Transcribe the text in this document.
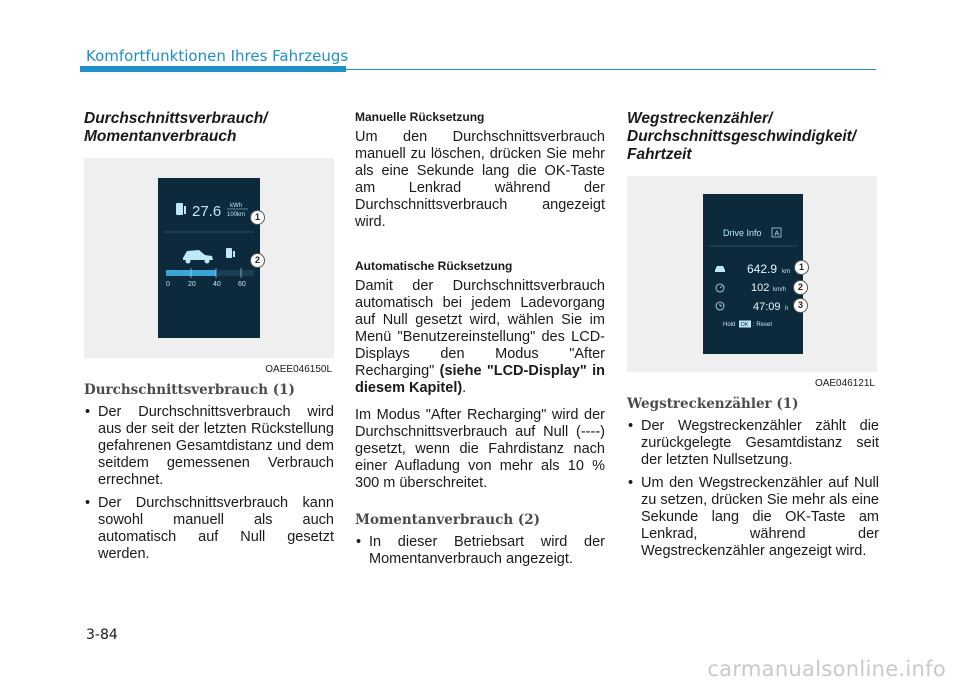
Komfortfunktionen Ihres Fahrzeugs
Durchschnittsverbrauch/
Momentanverbrauch
27.6 kWh
100km
0	20 40 60
1
2
OAEE046150L
Durchschnittsverbrauch (1)
• Der Durchschnittsverbrauch wird aus der seit der letzten Rückstellung gefahrenen Gesamtdistanz und dem seitdem gemessenen Verbrauch errechnet.
• Der Durchschnittsverbrauch kann sowohl manuell als auch automatisch auf Null gesetzt werden.
Manuelle Rücksetzung

Um den Durchschnittsverbrauch manuell zu löschen, drücken Sie mehr als eine Sekunde lang die OK-Taste am Lenkrad während der Durchschnittsverbrauch angezeigt wird.

Automatische Rücksetzung

Damit der Durchschnittsverbrauch automatisch bei jedem Ladevorgang auf Null gesetzt wird, wählen Sie im Menü "Benutzereinstellung" des LCD-Displays den Modus "After Recharging" (siehe "LCD-Display" in diesem Kapitel).

Im Modus "After Recharging" wird der Durchschnittsverbrauch auf Null (----) gesetzt, wenn die Fahrdistanz nach einer Aufladung von mehr als 10 % 300 m überschreitet.

Momentanverbrauch (2)
• In dieser Betriebsart wird der Momentanverbrauch angezeigt.
Wegstreckenzähler/
Durchschnittsgeschwindigkeit/
Fahrtzeit
Drive Info A
642.9 km
102 km/h
47:09 h
Hold OK : Reset
1
2
3
OAE046121L
Wegstreckenzähler (1)
• Der Wegstreckenzähler zählt die zurückgelegte Gesamtdistanz seit der letzten Nullsetzung.
• Um den Wegstreckenzähler auf Null zu setzen, drücken Sie mehr als eine Sekunde lang die OK-Taste am Lenkrad, während der Wegstreckenzähler angezeigt wird.
3-84
carmanualsonline.info
